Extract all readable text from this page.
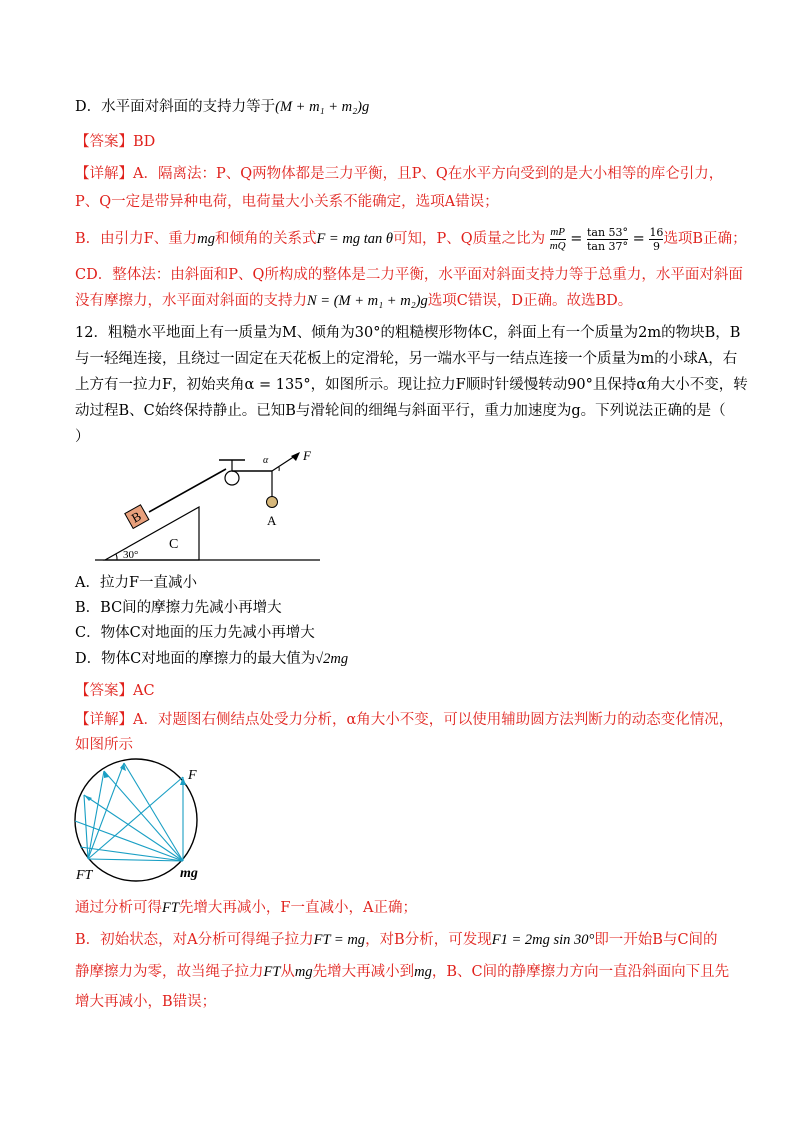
D．水平面对斜面的支持力等于(M + m₁ + m₂)g
【答案】BD
【详解】A．隔离法：P、Q两物体都是三力平衡，且P、Q在水平方向受到的是大小相等的库仑引力，
P、Q一定是带异种电荷，电荷量大小关系不能确定，选项A错误；
B．由引力F、重力mg和倾角的关系式F = mg tan θ可知，P、Q质量之比为 $\frac{mP}{mQ} = \frac{\tan 53^\circ}{\tan 37^\circ} = \frac{16}{9}$ 选项B正确；
CD．整体法：由斜面和P、Q所构成的整体是二力平衡，水平面对斜面支持力等于总重力，水平面对斜面
没有摩擦力，水平面对斜面的支持力N = (M + m₁ + m₂)g选项C错误，D正确。故选BD。
12．粗糙水平地面上有一质量为M、倾角为30°的粗糙楔形物体C，斜面上有一个质量为2m的物块B，B
与一轻绳连接，且绕过一固定在天花板上的定滑轮，另一端水平与一结点连接一个质量为m的小球A，右
上方有一拉力F，初始夹角α = 135°，如图所示。现让拉力F顺时针缓慢转动90°且保持α角大小不变，转
动过程B、C始终保持静止。已知B与滑轮间的细绳与斜面平行，重力加速度为g。下列说法正确的是（
）
30°
C
B	A
α	F
A．拉力F一直减小
B．BC间的摩擦力先减小再增大
C．物体C对地面的压力先减小再增大
D．物体C对地面的摩擦力的最大值为√2mg
【答案】AC
【详解】A．对题图右侧结点处受力分析，α角大小不变，可以使用辅助圆方法判断力的动态变化情况，
如图所示
F
FT	mg
通过分析可得FT先增大再减小，F一直减小，A正确；
B．初始状态，对A分析可得绳子拉力FT = mg，对B分析，可发现F1 = 2mg sin 30°即一开始B与C间的
静摩擦力为零，故当绳子拉力FT从mg先增大再减小到mg，B、C间的静摩擦力方向一直沿斜面向下且先
增大再减小，B错误；
